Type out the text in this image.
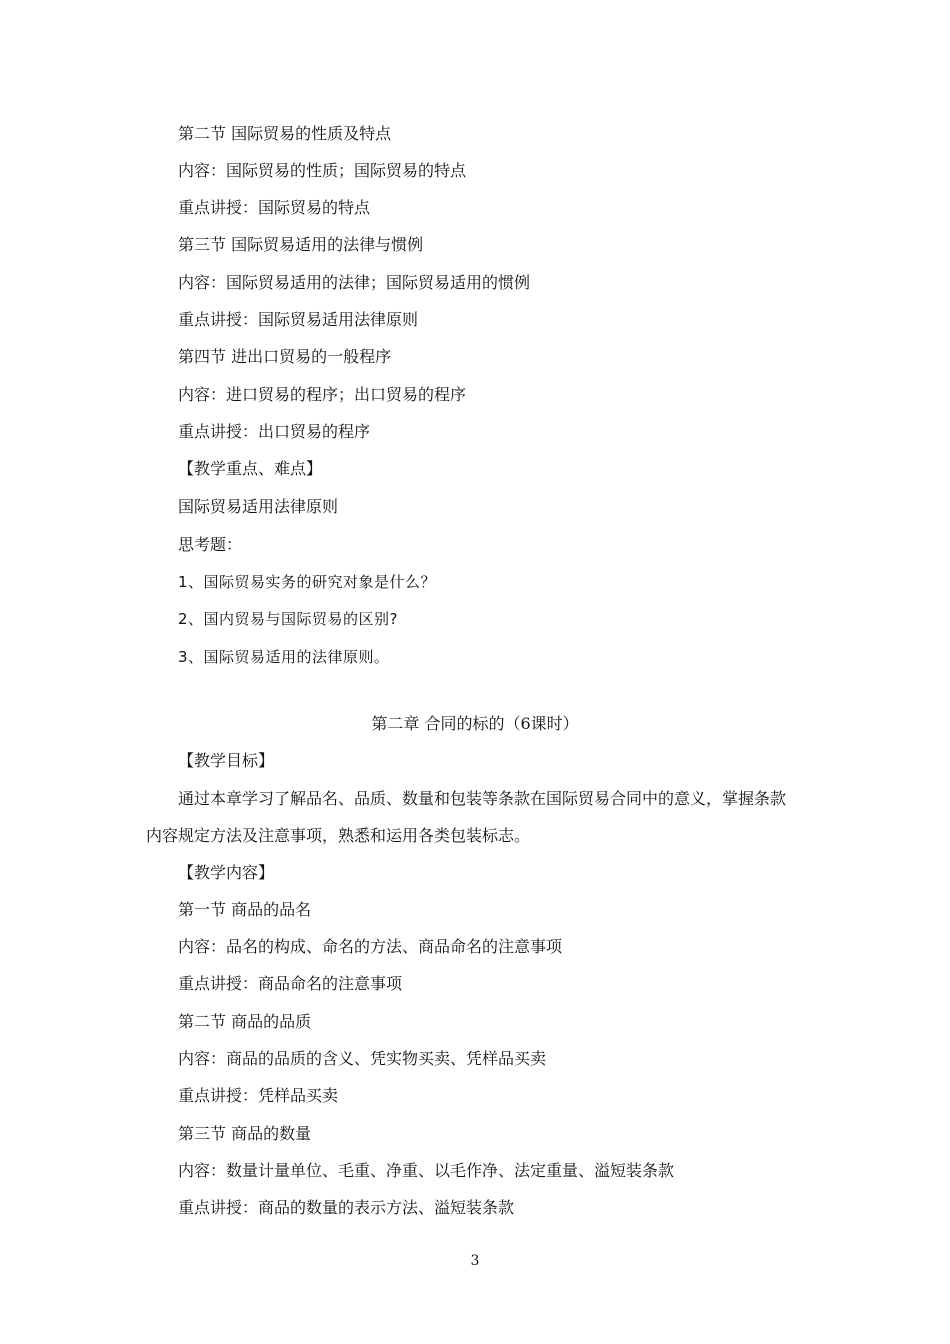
第二节 国际贸易的性质及特点
内容：国际贸易的性质；国际贸易的特点
重点讲授：国际贸易的特点
第三节 国际贸易适用的法律与惯例
内容：国际贸易适用的法律；国际贸易适用的惯例
重点讲授：国际贸易适用法律原则
第四节 进出口贸易的一般程序
内容：进口贸易的程序；出口贸易的程序
重点讲授：出口贸易的程序
【教学重点、难点】
国际贸易适用法律原则
思考题：
1、国际贸易实务的研究对象是什么？
2、国内贸易与国际贸易的区别?
3、国际贸易适用的法律原则。
第二章 合同的标的（6课时）
【教学目标】
通过本章学习了解品名、品质、数量和包装等条款在国际贸易合同中的意义，掌握条款
内容规定方法及注意事项，熟悉和运用各类包装标志。
【教学内容】
第一节 商品的品名
内容：品名的构成、命名的方法、商品命名的注意事项
重点讲授：商品命名的注意事项
第二节 商品的品质
内容：商品的品质的含义、凭实物买卖、凭样品买卖
重点讲授：凭样品买卖
第三节 商品的数量
内容：数量计量单位、毛重、净重、以毛作净、法定重量、溢短装条款
重点讲授：商品的数量的表示方法、溢短装条款
3
